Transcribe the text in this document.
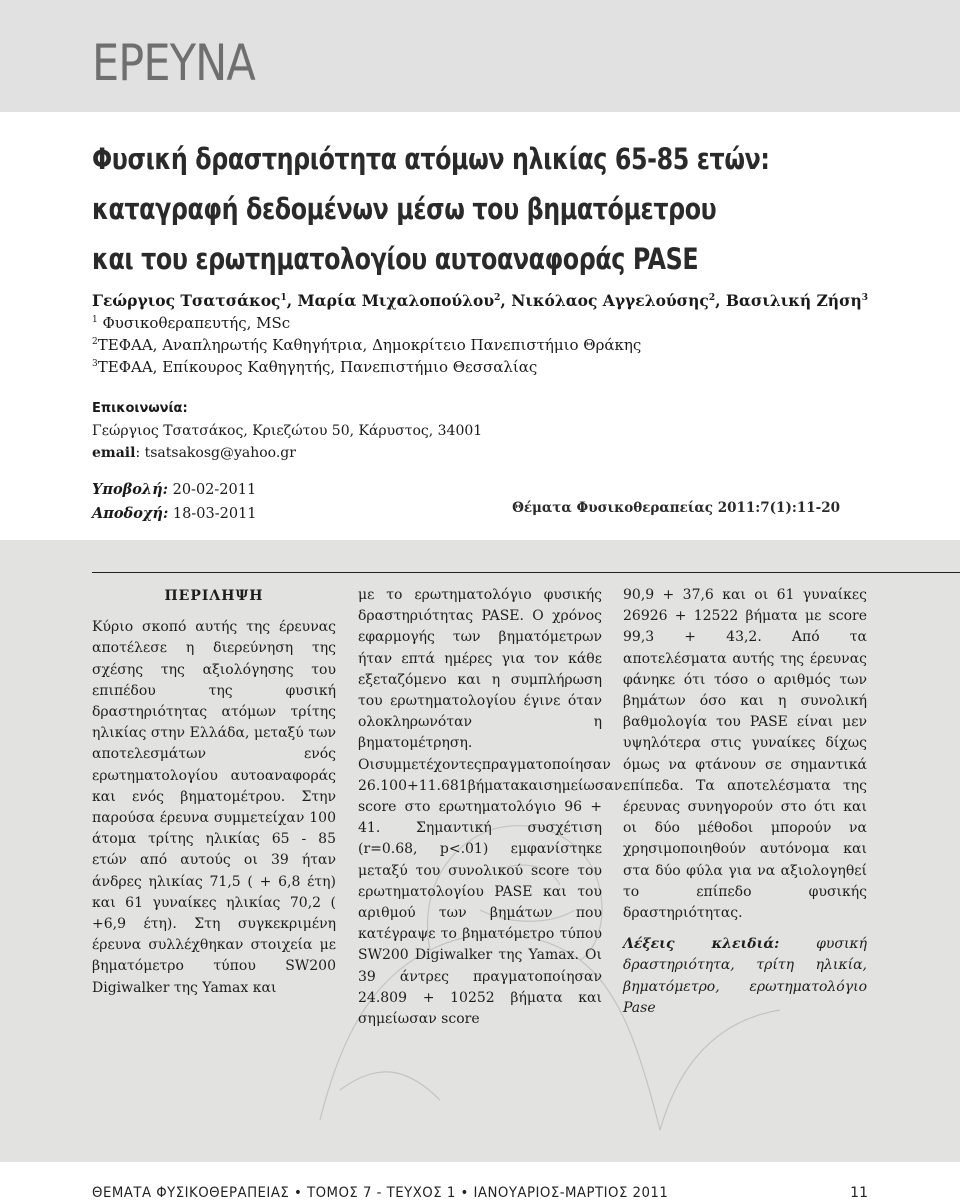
ΕΡΕΥΝΑ
Φυσική δραστηριότητα ατόμων ηλικίας 65-85 ετών:
καταγραφή δεδομένων μέσω του βηματόμετρου
και του ερωτηματολογίου αυτοαναφοράς PASE
Γεώργιος Τσατσάκος$^1$, Μαρία Μιχαλοπούλου$^2$, Νικόλαος Αγγελούσης$^2$, Βασιλική Ζήση$^3$
$^1$ Φυσικοθεραπευτής, MSc
$^2$ΤΕΦΑΑ, Αναπληρωτής Καθηγήτρια, Δημοκρίτειο Πανεπιστήμιο Θράκης
$^3$ΤΕΦΑΑ, Επίκουρος Καθηγητής, Πανεπιστήμιο Θεσσαλίας
Επικοινωνία:
Γεώργιος Τσατσάκος, Κριεζώτου 50, Κάρυστος, 34001
email: tsatsakosg@yahoo.gr
Υποβολή: 20-02-2011
Αποδοχή: 18-03-2011	Θέματα Φυσικοθεραπείας 2011:7(1):11-20
ΠΕΡΙΛΗΨΗ
Κύριο σκοπό αυτής της έρευνας αποτέλεσε η διερεύνηση της σχέσης της αξιολόγησης του επιπέδου της φυσική δραστηριότητας ατόμων τρίτης ηλικίας στην Ελλάδα, μεταξύ των αποτελεσμάτων ενός ερωτηματολογίου αυτοαναφοράς και ενός βηματομέτρου. Στην παρούσα έρευνα συμμετείχαν 100 άτομα τρίτης ηλικίας 65 - 85 ετών από αυτούς οι 39 ήταν άνδρες ηλικίας 71,5 ( + 6,8 έτη) και 61 γυναίκες ηλικίας 70,2 ( +6,9 έτη). Στη συγκεκριμένη έρευνα συλλέχθηκαν στοιχεία με βηματόμετρο τύπου SW200 Digiwalker της Yamax και
με το ερωτηματολόγιο φυσικής δραστηριότητας PASE. Ο χρόνος εφαρμογής των βηματόμετρων ήταν επτά ημέρες για τον κάθε εξεταζόμενο και η συμπλήρωση του ερωτηματολογίου έγινε όταν ολοκληρωνόταν η βηματομέτρηση. Οισυμμετέχοντεςπραγματοποίησαν 26.100+11.681βήματακαισημείωσαν score στο ερωτηματολόγιο 96 + 41. Σημαντική συσχέτιση (r=0.68, p<.01) εμφανίστηκε μεταξύ του συνολικού score του ερωτηματολογίου PASE και του αριθμού των βημάτων που κατέγραψε το βηματόμετρο τύπου SW200 Digiwalker της Yamax. Οι 39 άντρες πραγματοποίησαν 24.809 + 10252 βήματα και σημείωσαν score
90,9 + 37,6 και οι 61 γυναίκες 26926 + 12522 βήματα με score 99,3 + 43,2. Από τα αποτελέσματα αυτής της έρευνας φάνηκε ότι τόσο ο αριθμός των βημάτων όσο και η συνολική βαθμολογία του PASE είναι μεν υψηλότερα στις γυναίκες δίχως όμως να φτάνουν σε σημαντικά επίπεδα. Τα αποτελέσματα της έρευνας συνηγορούν στο ότι και οι δύο μέθοδοι μπορούν να χρησιμοποιηθούν αυτόνομα και στα δύο φύλα για να αξιολογηθεί το επίπεδο φυσικής δραστηριότητας.
Λέξεις κλειδιά: φυσική δραστηριότητα, τρίτη ηλικία, βηματόμετρο, ερωτηματολόγιο Pase
ΘΕΜΑΤΑ ΦΥΣΙΚΟΘΕΡΑΠΕΙΑΣ • ΤΟΜΟΣ 7 - ΤΕΥΧΟΣ 1 • ΙΑΝΟΥΑΡΙΟΣ-ΜΑΡΤΙΟΣ 2011	11
